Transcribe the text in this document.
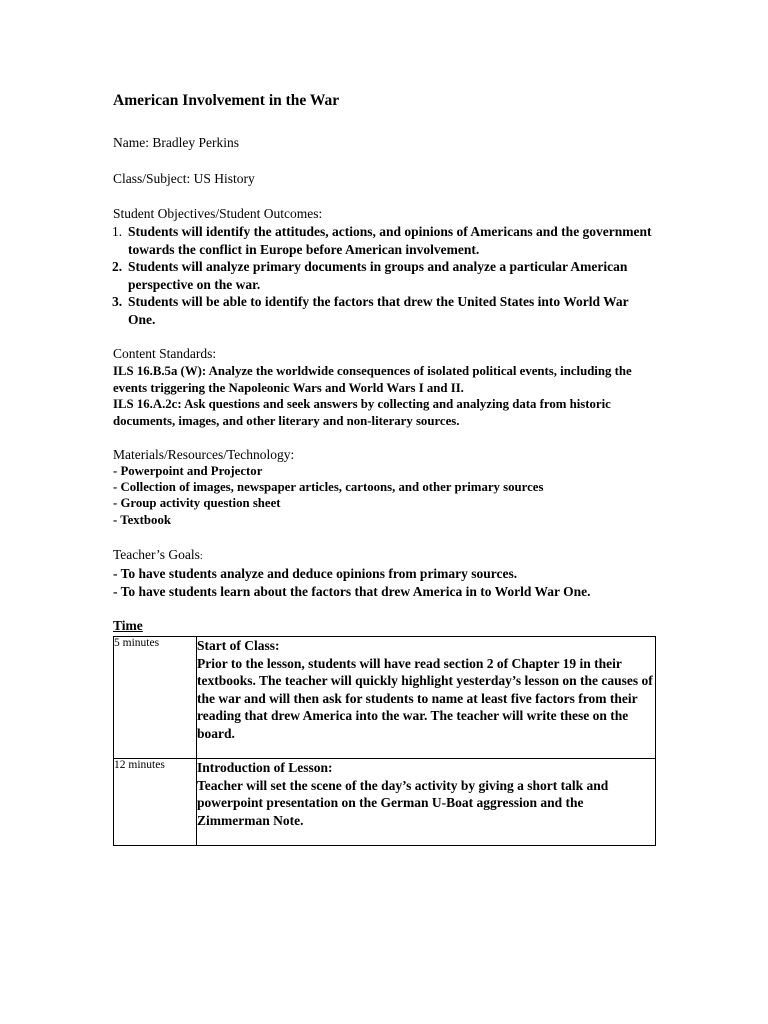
American Involvement in the War
Name: Bradley Perkins
Class/Subject: US History
Student Objectives/Student Outcomes:
1. Students will identify the attitudes, actions, and opinions of Americans and the government towards the conflict in Europe before American involvement.
2. Students will analyze primary documents in groups and analyze a particular American perspective on the war.
3. Students will be able to identify the factors that drew the United States into World War One.
Content Standards:
ILS 16.B.5a (W): Analyze the worldwide consequences of isolated political events, including the events triggering the Napoleonic Wars and World Wars I and II.
ILS 16.A.2c: Ask questions and seek answers by collecting and analyzing data from historic documents, images, and other literary and non-literary sources.
Materials/Resources/Technology:
- Powerpoint and Projector
- Collection of images, newspaper articles, cartoons, and other primary sources
- Group activity question sheet
- Textbook
Teacher’s Goals:
- To have students analyze and deduce opinions from primary sources.
- To have students learn about the factors that drew America in to World War One.
Time
5 minutes	Start of Class:
Prior to the lesson, students will have read section 2 of Chapter 19 in their textbooks. The teacher will quickly highlight yesterday’s lesson on the causes of the war and will then ask for students to name at least five factors from their reading that drew America into the war. The teacher will write these on the board.

12 minutes	Introduction of Lesson:
Teacher will set the scene of the day’s activity by giving a short talk and powerpoint presentation on the German U-Boat aggression and the Zimmerman Note.
